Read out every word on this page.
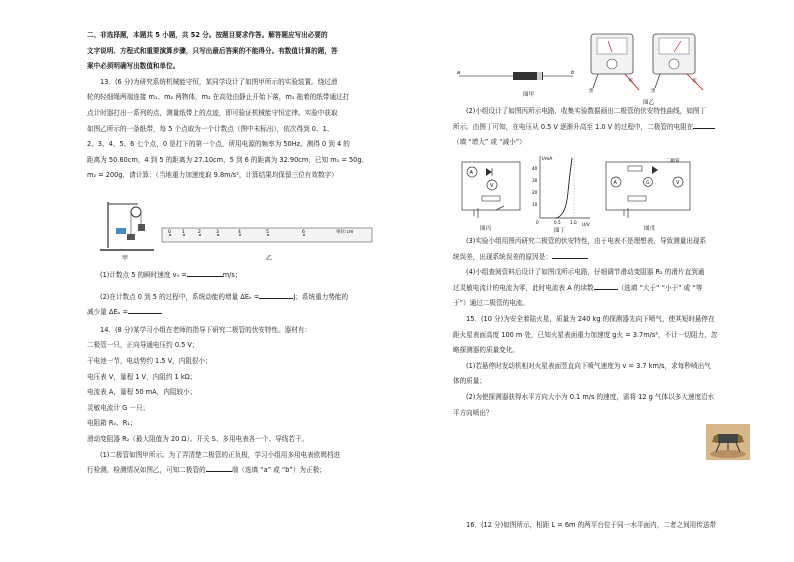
二、非选择题，本题共 5 小题，共 52 分。按题目要求作答。解答题应写出必要的
文字说明、方程式和重要演算步骤，只写出最后答案的不能得分。有数值计算的题，答
案中必须明确写出数值和单位。
13．(6 分)为研究系统机械能守恒，某同学设计了如图甲所示的实验装置。绕过滑
轮的轻细绳两端连接 m₁、m₂ 两物体，m₂ 在高处由静止开始下落，m₁ 拖着的纸带通过打
点计时器打出一系列的点，测量纸带上的点迹，即可验证机械能守恒定律。实验中获取
如图乙所示的一条纸带，每 5 个点取为一个计数点（图中未标出），依次得到 0、1、
2、3、4、5、6 七个点，0 是打下的第一个点，所用电源的频率为 50Hz。测得 0 到 4 的
距离为 50.60cm，4 到 5 的距离为 27.10cm，5 到 6 的距离为 32.90cm，已知 m₁ = 50g、
m₂ = 200g，请计算：（当地重力加速度取 9.8m/s²，计算结果均保留三位有效数字）
甲
0 1	2	3	4	5	6	单位:cm
乙
(1)计数点 5 的瞬时速度 v₅ =	m/s；
(2)在计数点 0 到 5 的过程中，系统动能的增量 ΔEₖ =	J；系统重力势能的
减少量 ΔEₚ =
14．(8 分)某学习小组在老师的指导下研究二极管的伏安特性。器材有：
二极管一只，正向导通电压约 0.5 V；
干电池一节，电动势约 1.5 V，内阻很小；
电压表 V，量程 1 V，内阻约 1 kΩ；
电流表 A，量程 50 mA，内阻较小；
灵敏电流计 G 一只；
电阻箱 R₀、R₁；
滑动变阻器 R₂（最大阻值为 20 Ω）、开关 S、多用电表各一个、导线若干。
(1)二极管如图甲所示。为了弄清楚二极管的正负极，学习小组用多用电表欧姆档进
行检测，检测情况如图乙，可知二极管的	端（选填 “a” 或 “b”）为正极；
a	b
图甲
黑
红
黑
红
图乙
(2)小组设计了如图丙所示电路，收集实验数据画出二极管的伏安特性曲线，如图丁
所示。由图丁可知，在电压从 0.5 V 逐渐升高至 1.0 V 的过程中，二极管的电阻在
（填 “增大” 或 “减小”）
A
V
图丙
I/mA
U/V
40
30
20
10
0	0.5 1.0
图丁
A	V
G
二极管
图戊
(3)实验小组用图丙研究二极管的伏安特性，由于电表不是理想表，导致测量出现系
统误差，出现系统误差的原因是：
(4)小组查阅资料后设计了如图戊所示电路，仔细调节滑动变阻器 R₂ 的滑片直到通
过灵敏电流计的电流为零，此时电流表 A 的读数	（选填 “大于” “小于” 或 “等
于”）通过二极管的电流。
15．(10 分)为安全着陆火星，质量为 240 kg 的探测器先向下喷气，使其短时悬停在
距火星表面高度 100 m 处，已知火星表面重力加速度 g火 = 3.7m/s²，不计一切阻力，忽
略探测器的质量变化。
(1)若悬停时发动机相对火星表面竖直向下喷气速度为 v = 3.7 km/s，求每秒喷出气
体的质量；
(2)为使探测器获得水平方向大小为 0.1 m/s 的速度，需将 12 g 气体以多大速度沿水
平方向喷出？
16．(12 分)如图所示，相距 L = 6m 的两平台位于同一水平面内，二者之间用传送带
